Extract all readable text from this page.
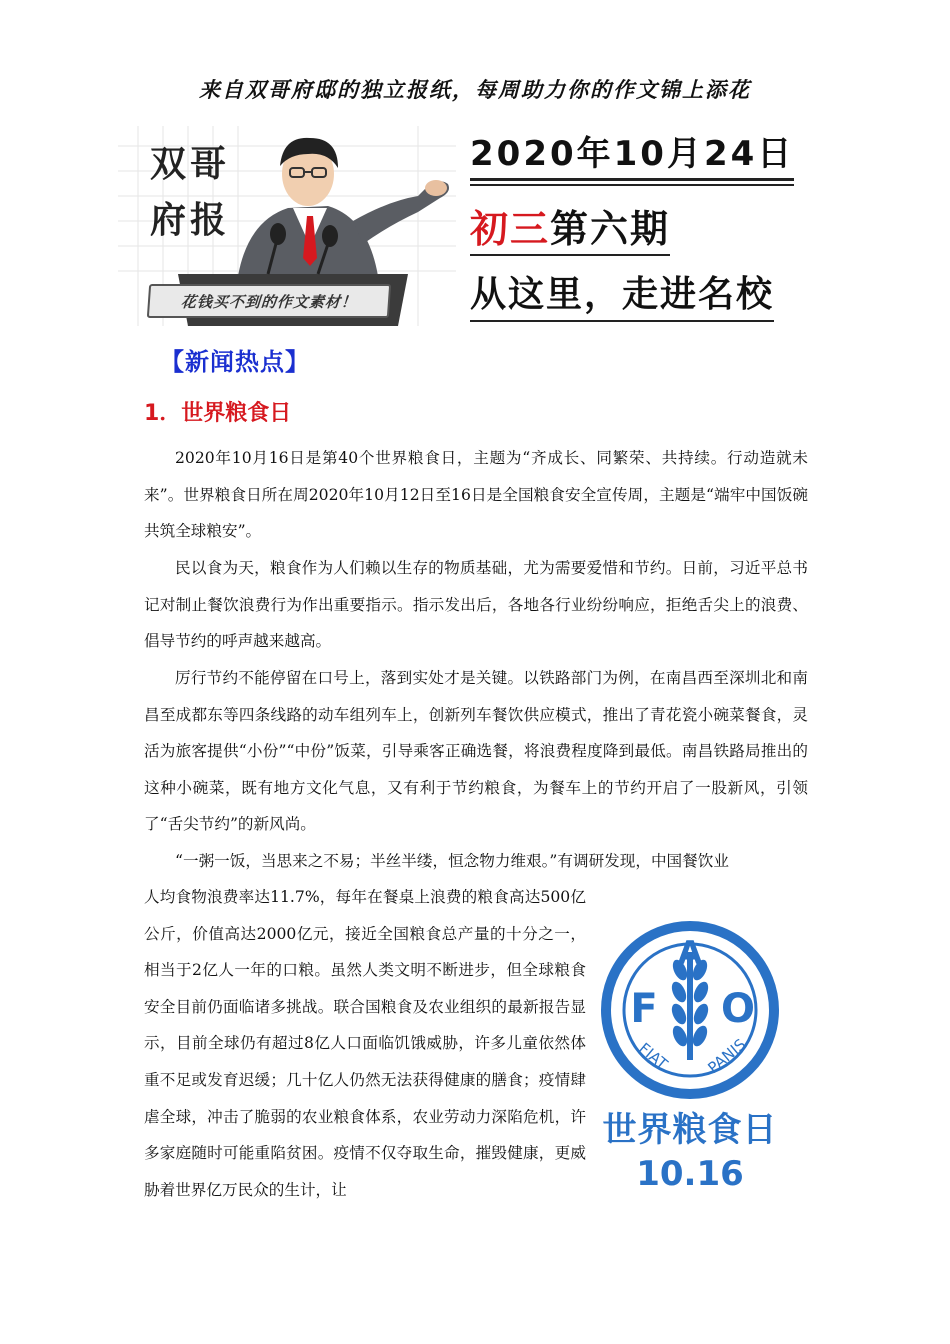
来自双哥府邸的独立报纸，每周助力你的作文锦上添花
双哥
府报
花钱买不到的作文素材！
2020年10月24日
初三第六期
从这里，走进名校
【新闻热点】
1．世界粮食日

2020年10月16日是第40个世界粮食日，主题为“齐成长、同繁荣、共持续。行动造就未来”。世界粮食日所在周2020年10月12日至16日是全国粮食安全宣传周，主题是“端牢中国饭碗共筑全球粮安”。

民以食为天，粮食作为人们赖以生存的物质基础，尤为需要爱惜和节约。日前，习近平总书记对制止餐饮浪费行为作出重要指示。指示发出后，各地各行业纷纷响应，拒绝舌尖上的浪费、倡导节约的呼声越来越高。

厉行节约不能停留在口号上，落到实处才是关键。以铁路部门为例，在南昌西至深圳北和南昌至成都东等四条线路的动车组列车上，创新列车餐饮供应模式，推出了青花瓷小碗菜餐食，灵活为旅客提供“小份”“中份”饭菜，引导乘客正确选餐，将浪费程度降到最低。南昌铁路局推出的这种小碗菜，既有地方文化气息，又有利于节约粮食，为餐车上的节约开启了一股新风，引领了“舌尖节约”的新风尚。

“一粥一饭，当思来之不易；半丝半缕，恒念物力维艰。”有调研发现，中国餐饮业

人均食物浪费率达11.7%，每年在餐桌上浪费的粮食高达500亿公斤，价值高达2000亿元，接近全国粮食总产量的十分之一，相当于2亿人一年的口粮。虽然人类文明不断进步，但全球粮食安全目前仍面临诸多挑战。联合国粮食及农业组织的最新报告显示，目前全球仍有超过8亿人口面临饥饿威胁，许多儿童依然体重不足或发育迟缓；几十亿人仍然无法获得健康的膳食；疫情肆虐全球，冲击了脆弱的农业粮食体系，农业劳动力深陷危机，许多家庭随时可能重陷贫困。疫情不仅夺取生命，摧毁健康，更威胁着世界亿万民众的生计，让

A
F O
FIAT PANIS
世界粮食日
10.16
